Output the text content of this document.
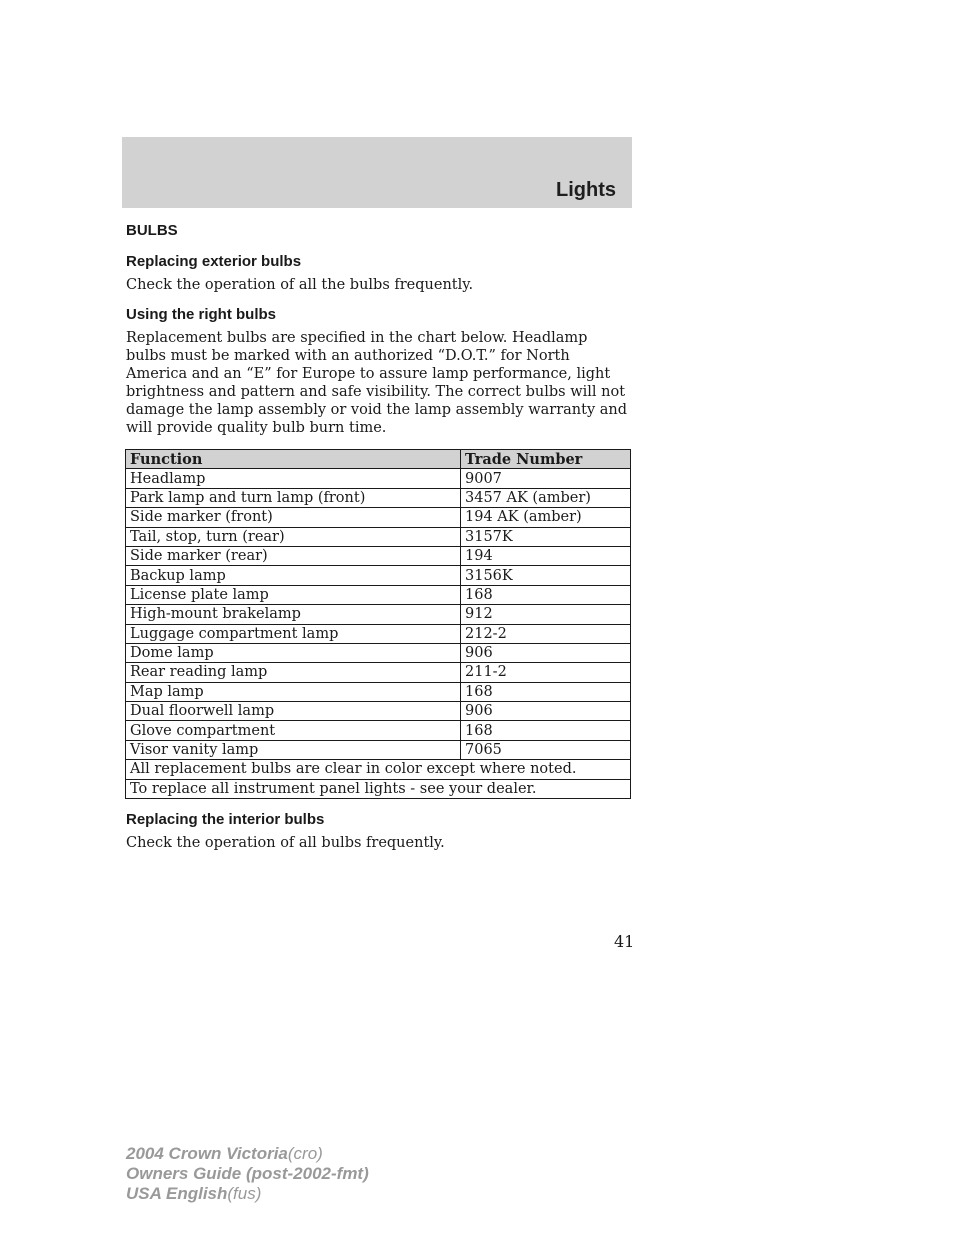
Lights
BULBS
Replacing exterior bulbs

Check the operation of all the bulbs frequently.

Using the right bulbs

Replacement bulbs are specified in the chart below. Headlamp bulbs must be marked with an authorized “D.O.T.” for North America and an “E” for Europe to assure lamp performance, light brightness and pattern and safe visibility. The correct bulbs will not damage the lamp assembly or void the lamp assembly warranty and will provide quality bulb burn time.

Function	Trade Number
Headlamp	9007
Park lamp and turn lamp (front)	3457 AK (amber)
Side marker (front)	194 AK (amber)
Tail, stop, turn (rear)	3157K
Side marker (rear)	194
Backup lamp	3156K
License plate lamp	168
High-mount brakelamp	912
Luggage compartment lamp	212-2
Dome lamp	906
Rear reading lamp	211-2
Map lamp	168
Dual floorwell lamp	906
Glove compartment	168
Visor vanity lamp	7065
All replacement bulbs are clear in color except where noted.	
To replace all instrument panel lights - see your dealer.	
Replacing the interior bulbs

Check the operation of all bulbs frequently.

41
2004 Crown Victoria(cro)
Owners Guide (post-2002-fmt)
USA English(fus)
